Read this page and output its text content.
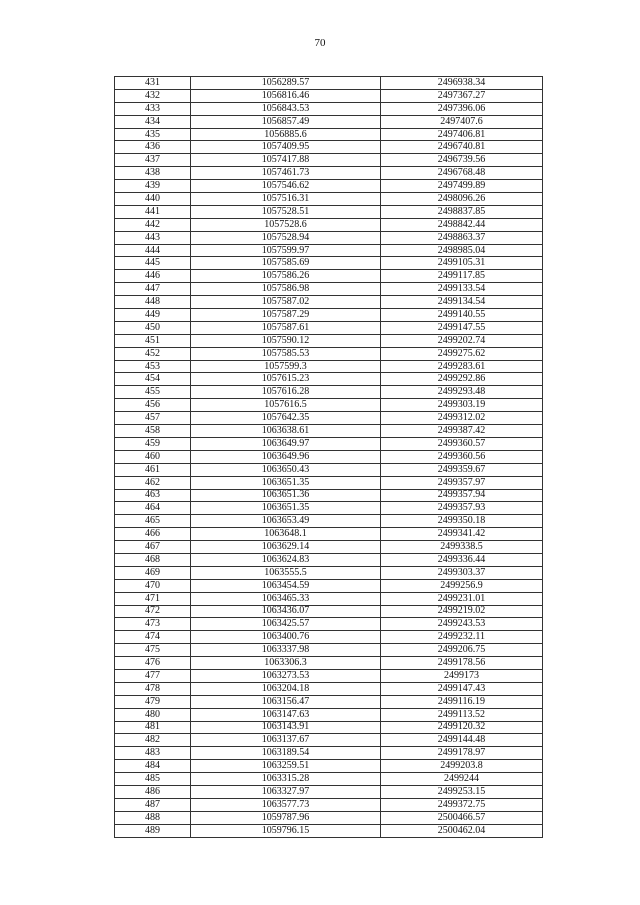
70
431	1056289.57	2496938.34
432	1056816.46	2497367.27
433	1056843.53	2497396.06
434	1056857.49	2497407.6
435	1056885.6	2497406.81
436	1057409.95	2496740.81
437	1057417.88	2496739.56
438	1057461.73	2496768.48
439	1057546.62	2497499.89
440	1057516.31	2498096.26
441	1057528.51	2498837.85
442	1057528.6	2498842.44
443	1057528.94	2498863.37
444	1057599.97	2498985.04
445	1057585.69	2499105.31
446	1057586.26	2499117.85
447	1057586.98	2499133.54
448	1057587.02	2499134.54
449	1057587.29	2499140.55
450	1057587.61	2499147.55
451	1057590.12	2499202.74
452	1057585.53	2499275.62
453	1057599.3	2499283.61
454	1057615.23	2499292.86
455	1057616.28	2499293.48
456	1057616.5	2499303.19
457	1057642.35	2499312.02
458	1063638.61	2499387.42
459	1063649.97	2499360.57
460	1063649.96	2499360.56
461	1063650.43	2499359.67
462	1063651.35	2499357.97
463	1063651.36	2499357.94
464	1063651.35	2499357.93
465	1063653.49	2499350.18
466	1063648.1	2499341.42
467	1063629.14	2499338.5
468	1063624.83	2499336.44
469	1063555.5	2499303.37
470	1063454.59	2499256.9
471	1063465.33	2499231.01
472	1063436.07	2499219.02
473	1063425.57	2499243.53
474	1063400.76	2499232.11
475	1063337.98	2499206.75
476	1063306.3	2499178.56
477	1063273.53	2499173
478	1063204.18	2499147.43
479	1063156.47	2499116.19
480	1063147.63	2499113.52
481	1063143.91	2499120.32
482	1063137.67	2499144.48
483	1063189.54	2499178.97
484	1063259.51	2499203.8
485	1063315.28	2499244
486	1063327.97	2499253.15
487	1063577.73	2499372.75
488	1059787.96	2500466.57
489	1059796.15	2500462.04
